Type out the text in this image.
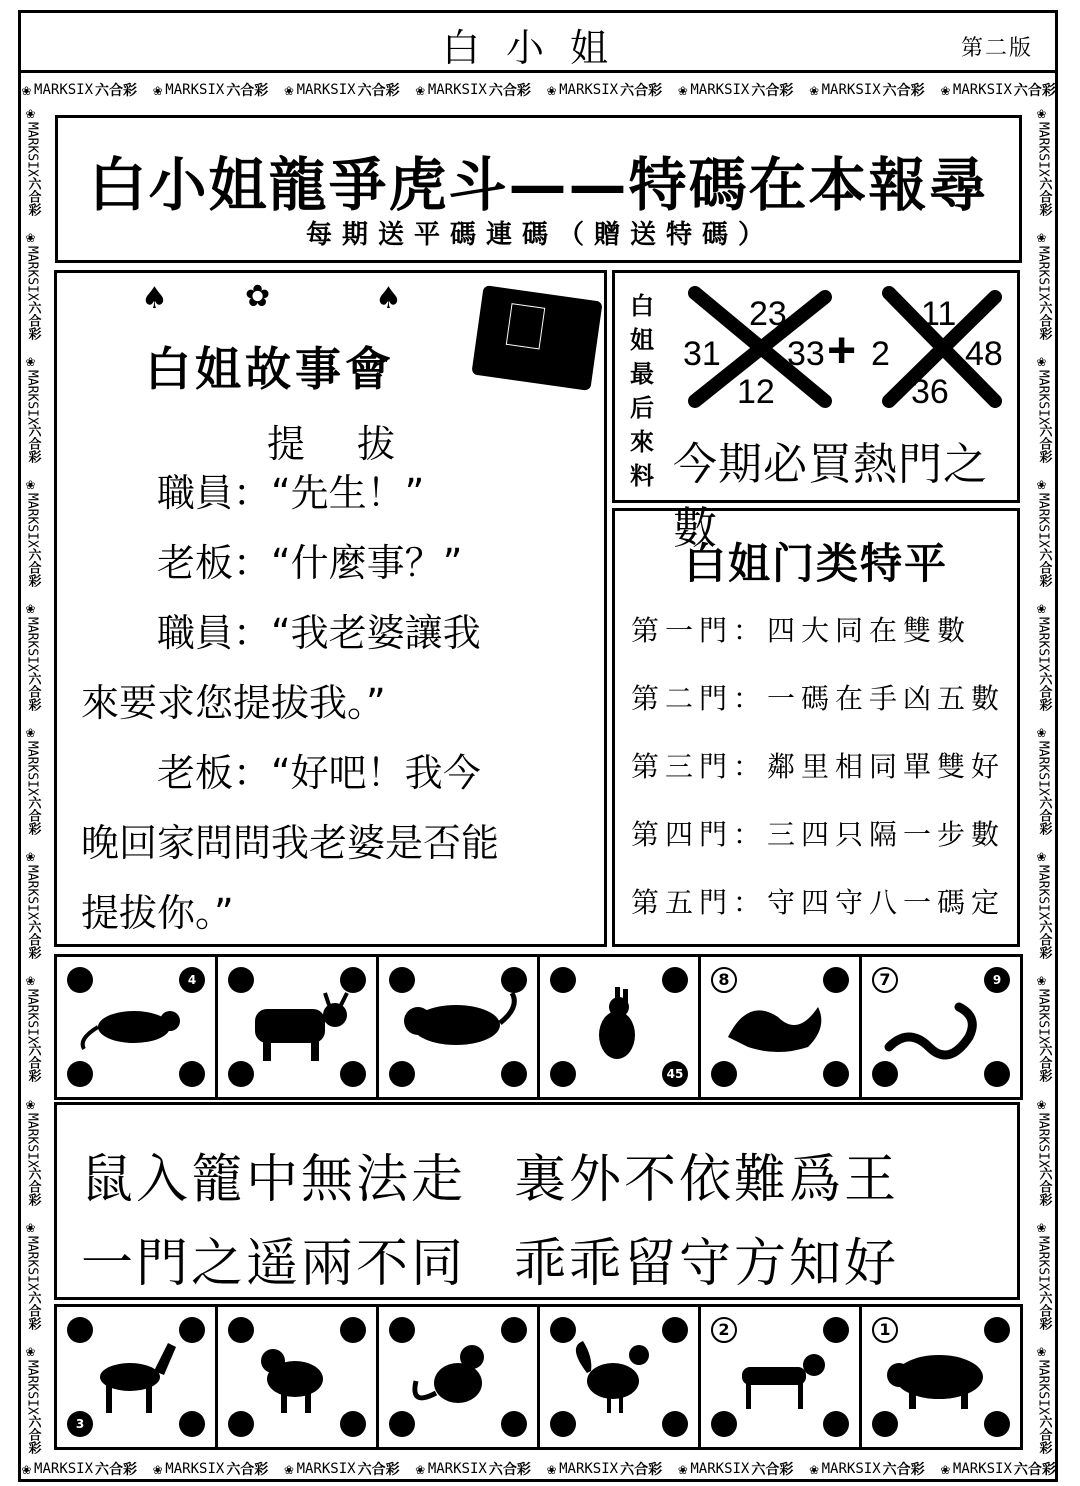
❀ MARKSIX 六合彩 ❀ MARKSIX 六合彩 ❀ MARKSIX 六合彩 ❀ MARKSIX 六合彩 ❀ MARKSIX 六合彩 ❀ MARKSIX 六合彩 ❀ MARKSIX 六合彩 ❀ MARKSIX 六合彩
❀ MARKSIX 六合彩 ❀ MARKSIX 六合彩 ❀ MARKSIX 六合彩 ❀ MARKSIX 六合彩 ❀ MARKSIX 六合彩 ❀ MARKSIX 六合彩 ❀ MARKSIX 六合彩 ❀ MARKSIX 六合彩
❀
MARKSIX
六合彩
❀
MARKSIX
六合彩
❀
MARKSIX
六合彩
❀
MARKSIX
六合彩
❀
MARKSIX
六合彩
❀
MARKSIX
六合彩
❀
MARKSIX
六合彩
❀
MARKSIX
六合彩
❀
MARKSIX
六合彩
❀
MARKSIX
六合彩
❀
MARKSIX
六合彩
❀
MARKSIX
六合彩
❀
MARKSIX
六合彩
❀
MARKSIX
六合彩
❀
MARKSIX
六合彩
❀
MARKSIX
六合彩
❀
MARKSIX
六合彩
❀
MARKSIX
六合彩
❀
MARKSIX
六合彩
❀
MARKSIX
六合彩
❀
MARKSIX
六合彩
❀
MARKSIX
六合彩
白小姐	第二版
白小姐龍爭虎斗——特碼在本報尋
每期送平碼連碼（贈送特碼）
♠	✿	♠
白姐故事會
提拔
　　職員：“先生！”
　　老板：“什麼事？”
　　職員：“我老婆讓我
來要求您提拔我。”
　　老板：“好吧！我今
晚回家問問我老婆是否能
提拔你。”
白姐最后來料
23
31 33
12
+
11
2 48
36
今期必買熱門之數
白姐门类特平
第一門：四大同在雙數
第二門：一碼在手凶五數
第三門：鄰里相同單雙好
第四門：三四只隔一步數
第五門：守四守八一碼定
4
45
8	7	9
鼠入籠中無法走 裏外不依難爲王
一門之遥兩不同 乖乖留守方知好
3
2	1
